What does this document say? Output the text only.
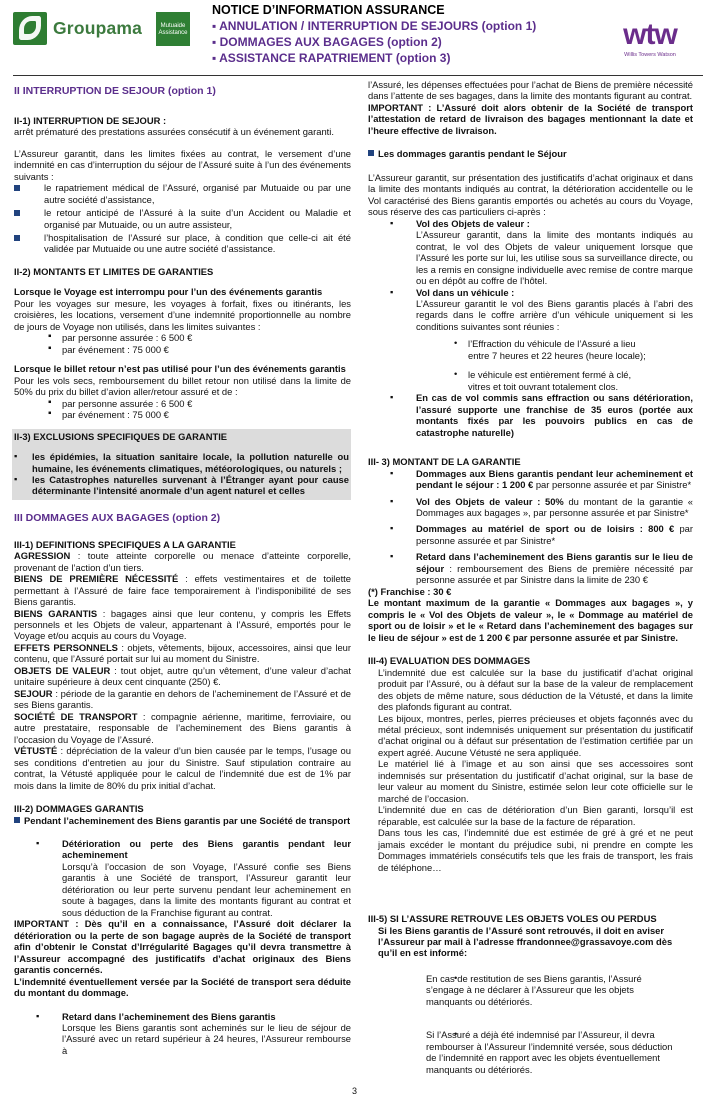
Groupama	Mutuaide Assistance
NOTICE D’INFORMATION ASSURANCE
▪ ANNULATION / INTERRUPTION DE SEJOURS (option 1)
▪ DOMMAGES AUX BAGAGES (option 2)
▪ ASSISTANCE RAPATRIEMENT (option 3)
wtw
Willis Towers Watson

II INTERRUPTION DE SEJOUR (option 1)

II-1) INTERRUPTION DE SEJOUR :

arrêt prématuré des prestations assurées consécutif à un événement garanti.

L’Assureur garantit, dans les limites fixées au contrat, le versement d’une indemnité en cas d’interruption du séjour de l’Assuré suite à l’un des événements suivants :

le rapatriement médical de l’Assuré, organisé par Mutuaide ou par une autre société d’assistance,
le retour anticipé de l’Assuré à la suite d’un Accident ou Maladie et organisé par Mutuaide, ou un autre assisteur,
l’hospitalisation de l’Assuré sur place, à condition que celle-ci ait été validée par Mutuaide ou une autre société d’assistance.

II-2) MONTANTS ET LIMITES DE GARANTIES

Lorsque le Voyage est interrompu pour l’un des événements garantis

Pour les voyages sur mesure, les voyages à forfait, fixes ou itinérants, les croisières, les locations, versement d’une indemnité proportionnelle au nombre de jours de Voyage non utilisés, dans les limites suivantes :

▪ par personne assurée : 6 500 €
▪ par événement : 75 000 €

Lorsque le billet retour n’est pas utilisé pour l’un des événements garantis

Pour les vols secs, remboursement du billet retour non utilisé dans la limite de 50% du prix du billet d’avion aller/retour assuré et de :

▪ par personne assurée : 6 500 €
▪ par événement : 75 000 €

II-3) EXCLUSIONS SPECIFIQUES DE GARANTIE

▪ les épidémies, la situation sanitaire locale, la pollution naturelle ou humaine, les événements climatiques, météorologiques, ou naturels ;
▪ les Catastrophes naturelles survenant à l’Étranger ayant pour cause déterminante l’intensité anormale d’un agent naturel et celles

III DOMMAGES AUX BAGAGES (option 2)

III-1) DEFINITIONS SPECIFIQUES A LA GARANTIE

AGRESSION : toute atteinte corporelle ou menace d’atteinte corporelle, provenant de l’action d’un tiers.

BIENS DE PREMIÈRE NÉCESSITÉ : effets vestimentaires et de toilette permettant à l’Assuré de faire face temporairement à l’indisponibilité de ses Biens garantis.

BIENS GARANTIS : bagages ainsi que leur contenu, y compris les Effets personnels et les Objets de valeur, appartenant à l’Assuré, emportés pour le Voyage et/ou acquis au cours du Voyage.

EFFETS PERSONNELS : objets, vêtements, bijoux, accessoires, ainsi que leur contenu, que l’Assuré portait sur lui au moment du Sinistre.

OBJETS DE VALEUR : tout objet, autre qu’un vêtement, d’une valeur d’achat unitaire supérieure à deux cent cinquante (250) €.

SEJOUR : période de la garantie en dehors de l’acheminement de l’Assuré et de ses Biens garantis.

SOCIÉTÉ DE TRANSPORT : compagnie aérienne, maritime, ferroviaire, ou autre prestataire, responsable de l’acheminement des Biens garantis à l’occasion du Voyage de l’Assuré.

VÉTUSTÉ : dépréciation de la valeur d’un bien causée par le temps, l’usage ou ses conditions d’entretien au jour du Sinistre. Sauf stipulation contraire au contrat, la Vétusté appliquée pour le calcul de l’indemnité due est de 1% par mois dans la limite de 80% du prix initial d’achat.

III-2) DOMMAGES GARANTIS

Pendant l’acheminement des Biens garantis par une Société de transport

▪ Détérioration ou perte des Biens garantis pendant leur acheminement
Lorsqu’à l’occasion de son Voyage, l’Assuré confie ses Biens garantis à une Société de transport, l’Assureur garantit leur détérioration ou leur perte survenu pendant leur acheminement en soute à bagages, dans la limite des montants figurant au contrat et sous déduction de la Franchise figurant au contrat.

IMPORTANT : Dès qu’il en a connaissance, l’Assuré doit déclarer la détérioration ou la perte de son bagage auprès de la Société de transport afin d’obtenir le Constat d’Irrégularité Bagages qu’il devra transmettre à l’Assureur accompagné des justificatifs d’achat originaux des Biens garantis concernés.

L’indemnité éventuellement versée par la Société de transport sera déduite du montant du dommage.

▪ Retard dans l’acheminement des Biens garantis
Lorsque les Biens garantis sont acheminés sur le lieu de séjour de l’Assuré avec un retard supérieur à 24 heures, l’Assureur rembourse à

l’Assuré, les dépenses effectuées pour l’achat de Biens de première nécessité dans l’attente de ses bagages, dans la limite des montants figurant au contrat.

IMPORTANT : L’Assuré doit alors obtenir de la Société de transport l’attestation de retard de livraison des bagages mentionnant la date et l’heure effective de livraison.

Les dommages garantis pendant le Séjour

L’Assureur garantit, sur présentation des justificatifs d’achat originaux et dans la limite des montants indiqués au contrat, la détérioration accidentelle ou le Vol caractérisé des Biens garantis emportés ou achetés au cours du Voyage, sous réserve des cas particuliers ci-après :

▪ Vol des Objets de valeur :
L’Assureur garantit, dans la limite des montants indiqués au contrat, le vol des Objets de valeur uniquement lorsque que l’Assuré les porte sur lui, les utilise sous sa surveillance directe, ou les a remis en consigne individuelle avec remise de contre marque ou en dépôt au coffre de l’hôtel.
▪ Vol dans un véhicule :
L’Assureur garantit le vol des Biens garantis placés à l’abri des regards dans le coffre arrière d’un véhicule uniquement si les conditions suivantes sont réunies :
• l’Effraction du véhicule de l’Assuré a lieu entre 7 heures et 22 heures (heure locale);
• le véhicule est entièrement fermé à clé, vitres et toit ouvrant totalement clos.
▪ En cas de vol commis sans effraction ou sans détérioration, l’assuré supporte une franchise de 35 euros (portée aux montants fixés par les pouvoirs publics en cas de catastrophe naturelle)

III- 3) MONTANT DE LA GARANTIE

▪ Dommages aux Biens garantis pendant leur acheminement et pendant le séjour : 1 200 € par personne assurée et par Sinistre*
▪ Vol des Objets de valeur : 50% du montant de la garantie « Dommages aux bagages », par personne assurée et par Sinistre*
▪ Dommages au matériel de sport ou de loisirs : 800 € par personne assurée et par Sinistre*
▪ Retard dans l’acheminement des Biens garantis sur le lieu de séjour : remboursement des Biens de première nécessité par personne assurée et par Sinistre dans la limite de 230 €

(*) Franchise : 30 €

Le montant maximum de la garantie « Dommages aux bagages », y compris le « Vol des Objets de valeur », le « Dommage au matériel de sport ou de loisir » et le « Retard dans l’acheminement des bagages sur le lieu de séjour » est de 1 200 € par personne assurée et par Sinistre.

III-4) EVALUATION DES DOMMAGES

L’indemnité due est calculée sur la base du justificatif d’achat original produit par l’Assuré, ou à défaut sur la base de la valeur de remplacement des objets de même nature, sous déduction de la Vétusté, et dans la limite des plafonds figurant au contrat.

Les bijoux, montres, perles, pierres précieuses et objets façonnés avec du métal précieux, sont indemnisés uniquement sur présentation du justificatif d’achat original ou à défaut sur présentation de l’estimation certifiée par un expert agréé. Aucune Vétusté ne sera appliquée.

Le matériel lié à l’image et au son ainsi que ses accessoires sont indemnisés sur présentation du justificatif d’achat original, sur la base de leur valeur au moment du Sinistre, estimée selon leur cote officielle sur le marché de l’occasion.

L’indemnité due en cas de détérioration d’un Bien garanti, lorsqu’il est réparable, est calculée sur la base de la facture de réparation.

Dans tous les cas, l’indemnité due est estimée de gré à gré et ne peut jamais excéder le montant du préjudice subi, ni prendre en compte les Dommages immatériels consécutifs tels que les frais de transport, les frais de téléphone…

III-5) SI L’ASSURE RETROUVE LES OBJETS VOLES OU PERDUS

Si les Biens garantis de l’Assuré sont retrouvés, il doit en aviser l’Assureur par mail à l’adresse ffrandonnee@grassavoye.com dès qu’il en est informé:

• En cas de restitution de ses Biens garantis, l’Assuré s’engage à ne déclarer à l’Assureur que les objets manquants ou détériorés.
• Si l’Assuré a déjà été indemnisé par l’Assureur, il devra rembourser à l’Assureur l’indemnité versée, sous déduction de l’indemnité en rapport avec les objets éventuellement manquants ou détériorés.
3
